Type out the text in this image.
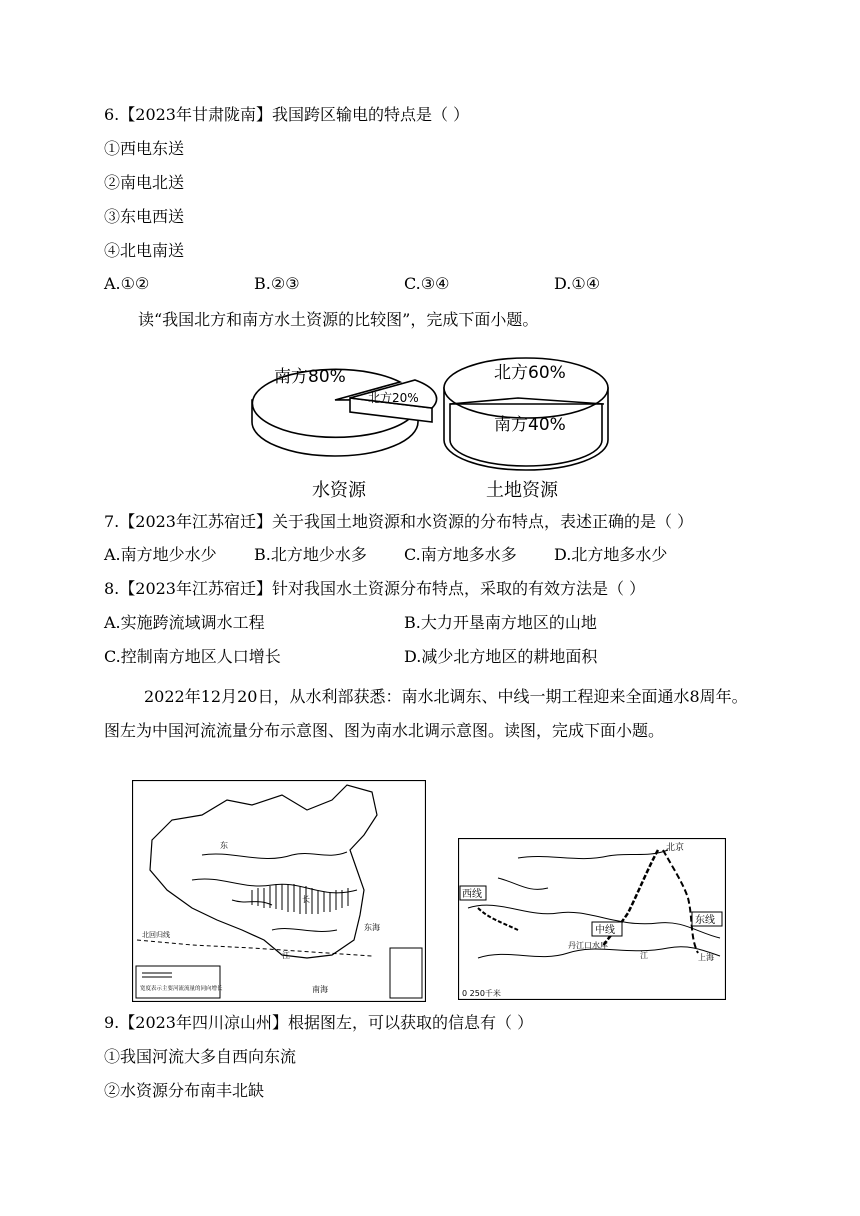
6.【2023年甘肃陇南】我国跨区输电的特点是（ ）
①西电东送
②南电北送
③东电西送
④北电南送
A.①②	B.②③	C.③④	D.①④
读“我国北方和南方水土资源的比较图”，完成下面小题。
南方80%
北方20%
水资源
北方60%
南方40%
土地资源
7.【2023年江苏宿迁】关于我国土地资源和水资源的分布特点，表述正确的是（ ）
A.南方地少水少 B.北方地少水多 C.南方地多水多 D.北方地多水少
8.【2023年江苏宿迁】针对我国水土资源分布特点，采取的有效方法是（ ）
A.实施跨流域调水工程	B.大力开垦南方地区的山地
C.控制南方地区人口增长	D.减少北方地区的耕地面积
2022年12月20日，从水利部获悉：南水北调东、中线一期工程迎来全面通水8周年。图左为中国河流流量分布示意图、图为南水北调示意图。读图，完成下面小题。
东
长
江
东海
南海
北回归线
宽度表示主要河流流量的同向增长
西线
中线
东线
北京
丹江口水库
江	上海
0 250千米
9.【2023年四川凉山州】根据图左，可以获取的信息有（ ）
①我国河流大多自西向东流
②水资源分布南丰北缺
